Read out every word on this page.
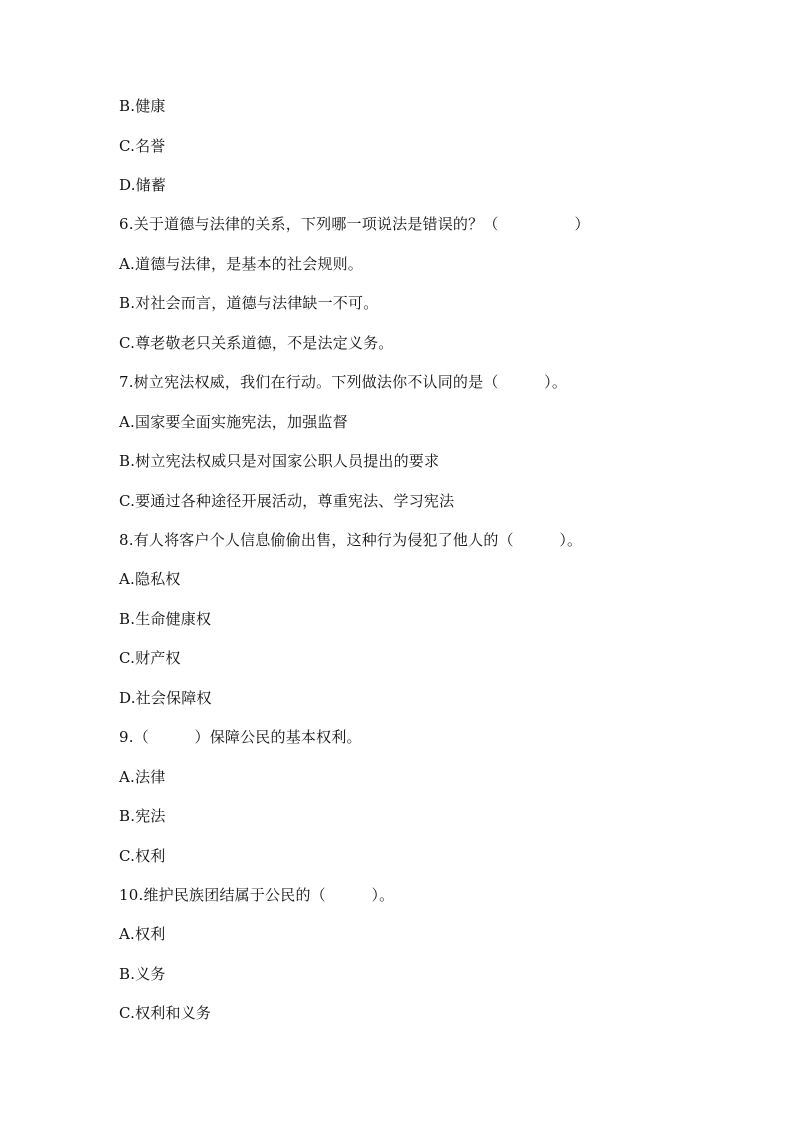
B.健康
C.名誉
D.储蓄
6.关于道德与法律的关系，下列哪一项说法是错误的？（　　　　　）
A.道德与法律，是基本的社会规则。
B.对社会而言，道德与法律缺一不可。
C.尊老敬老只关系道德，不是法定义务。
7.树立宪法权威，我们在行动。下列做法你不认同的是（　　　）。
A.国家要全面实施宪法，加强监督
B.树立宪法权威只是对国家公职人员提出的要求
C.要通过各种途径开展活动，尊重宪法、学习宪法
8.有人将客户个人信息偷偷出售，这种行为侵犯了他人的（　　　）。
A.隐私权
B.生命健康权
C.财产权
D.社会保障权
9.（　　　）保障公民的基本权利。
A.法律
B.宪法
C.权利
10.维护民族团结属于公民的（　　　）。
A.权利
B.义务
C.权利和义务
